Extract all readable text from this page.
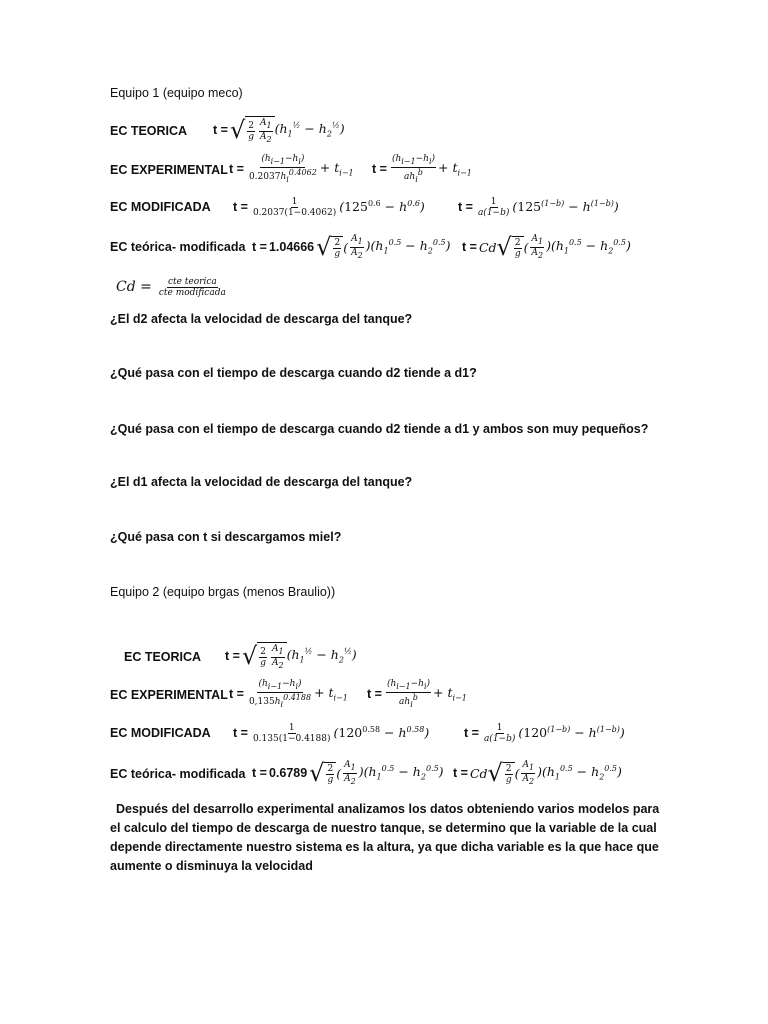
Equipo 1 (equipo meco)
EC TEORICA t = √ $\frac{2}{g} \frac{A_1}{A_2} (h_1^{\frac{1}{2}} - h_2^{\frac{1}{2}})$
EC EXPERIMENTAL $t = \frac{(h_{i-1}-h_i)}{0.2037h_i^{0.4062}} + t_{i-1}$ $t = \frac{(h_{i-1}-h_i)}{ah_i^b} + t_{i-1}$
EC MODIFICADA $t = \frac{1}{0.2037(1-0.4062)} (125^{0.6} - h^{0.6})$	$t = \frac{1}{a(1-b)} (125^{(1-b)} - h^{(1-b)})$
EC teórica- modificada t = 1.04666 √ $\frac{2}{g}$ ( $\frac{A_1}{A_2} )(h_1^{0.5} - h_2^{0.5})$ t = Cd √ $\frac{2}{g}$ ( $\frac{A_1}{A_2} )(h_1^{0.5} - h_2^{0.5})$
$Cd = \frac{\text{cte teorica}}{\text{cte modificada}}$
¿El d2 afecta la velocidad de descarga del tanque?
¿Qué pasa con el tiempo de descarga cuando d2 tiende a d1?
¿Qué pasa con el tiempo de descarga cuando d2 tiende a d1 y ambos son muy pequeños?
¿El d1 afecta la velocidad de descarga del tanque?
¿Qué pasa con t si descargamos miel?
Equipo 2 (equipo brgas (menos Braulio))
EC TEORICA t = √ $\frac{2}{g} \frac{A_1}{A_2} (h_1^{\frac{1}{2}} - h_2^{\frac{1}{2}})$
EC EXPERIMENTAL $t = \frac{(h_{i-1}-h_i)}{0,135h_i^{0.4188}} + t_{i-1}$ $t = \frac{(h_{i-1}-h_i)}{ah_i^b} + t_{i-1}$
EC MODIFICADA $t = \frac{1}{0.135(1-0.4188)} (120^{0.58} - h^{0.58})$	$t = \frac{1}{a(1-b)} (120^{(1-b)} - h^{(1-b)})$
EC teórica- modificada t = 0.6789 √ $\frac{2}{g}$ ( $\frac{A_1}{A_2} )(h_1^{0.5} - h_2^{0.5})$ t = Cd √ $\frac{2}{g}$ ( $\frac{A_1}{A_2} )(h_1^{0.5} - h_2^{0.5})$

Después del desarrollo experimental analizamos los datos obteniendo varios modelos para el calculo del tiempo de descarga de nuestro tanque, se determino que la variable de la cual depende directamente nuestro sistema es la altura, ya que dicha variable es la que hace que aumente o disminuya la velocidad
